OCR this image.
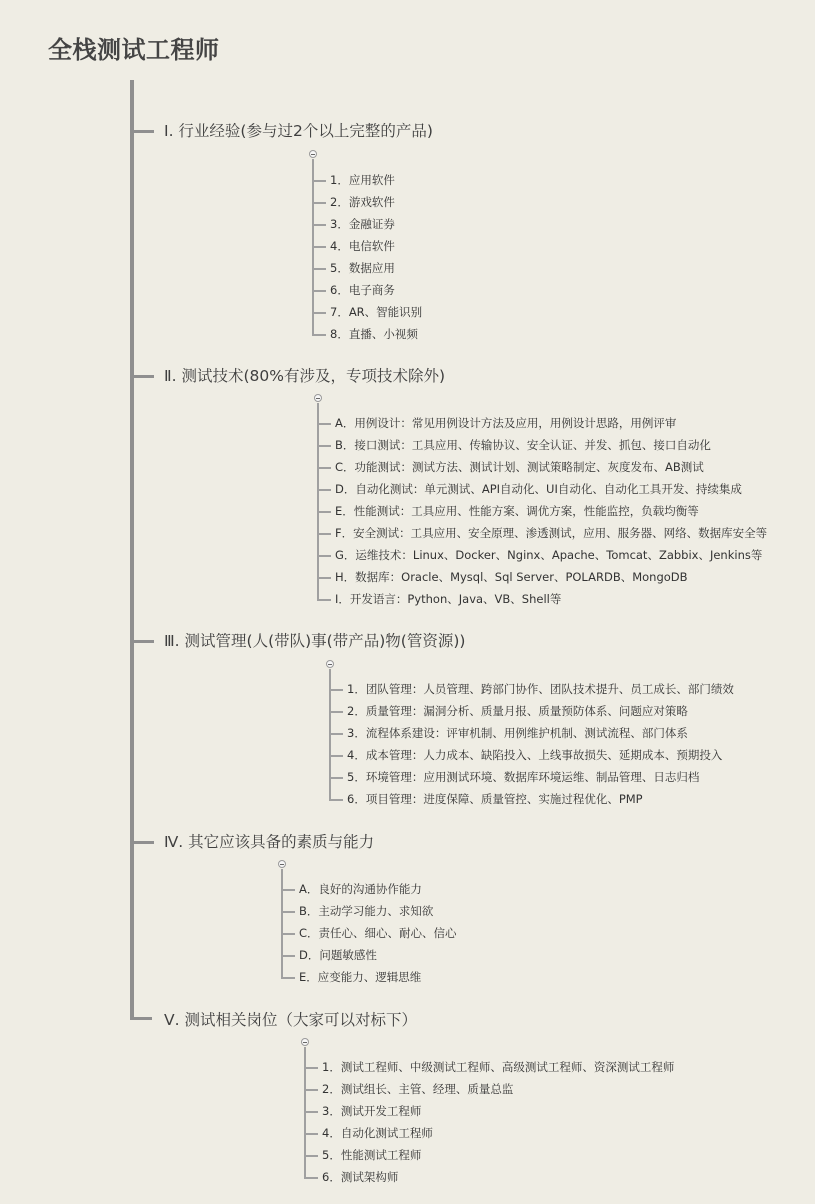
全栈测试工程师
Ⅰ. 行业经验(参与过2个以上完整的产品)
1．应用软件
2．游戏软件
3．金融证券
4．电信软件
5．数据应用
6．电子商务
7．AR、智能识别
8．直播、小视频
Ⅱ. 测试技术(80%有涉及，专项技术除外)
A．用例设计：常见用例设计方法及应用，用例设计思路，用例评审
B．接口测试：工具应用、传输协议、安全认证、并发、抓包、接口自动化
C．功能测试：测试方法、测试计划、测试策略制定、灰度发布、AB测试
D．自动化测试：单元测试、API自动化、UI自动化、自动化工具开发、持续集成
E．性能测试：工具应用、性能方案、调优方案，性能监控，负载均衡等
F．安全测试：工具应用、安全原理、渗透测试，应用、服务器、网络、数据库安全等
G．运维技术：Linux、Docker、Nginx、Apache、Tomcat、Zabbix、Jenkins等
H．数据库：Oracle、Mysql、Sql Server、POLARDB、MongoDB
I．开发语言：Python、Java、VB、Shell等
Ⅲ. 测试管理(人(带队)事(带产品)物(管资源))
1．团队管理：人员管理、跨部门协作、团队技术提升、员工成长、部门绩效
2．质量管理：漏洞分析、质量月报、质量预防体系、问题应对策略
3．流程体系建设：评审机制、用例维护机制、测试流程、部门体系
4．成本管理：人力成本、缺陷投入、上线事故损失、延期成本、预期投入
5．环境管理：应用测试环境、数据库环境运维、制品管理、日志归档
6．项目管理：进度保障、质量管控、实施过程优化、PMP
Ⅳ. 其它应该具备的素质与能力
A．良好的沟通协作能力
B．主动学习能力、求知欲
C．责任心、细心、耐心、信心
D．问题敏感性
E．应变能力、逻辑思维
Ⅴ. 测试相关岗位（大家可以对标下）
1．测试工程师、中级测试工程师、高级测试工程师、资深测试工程师
2．测试组长、主管、经理、质量总监
3．测试开发工程师
4．自动化测试工程师
5．性能测试工程师
6．测试架构师
